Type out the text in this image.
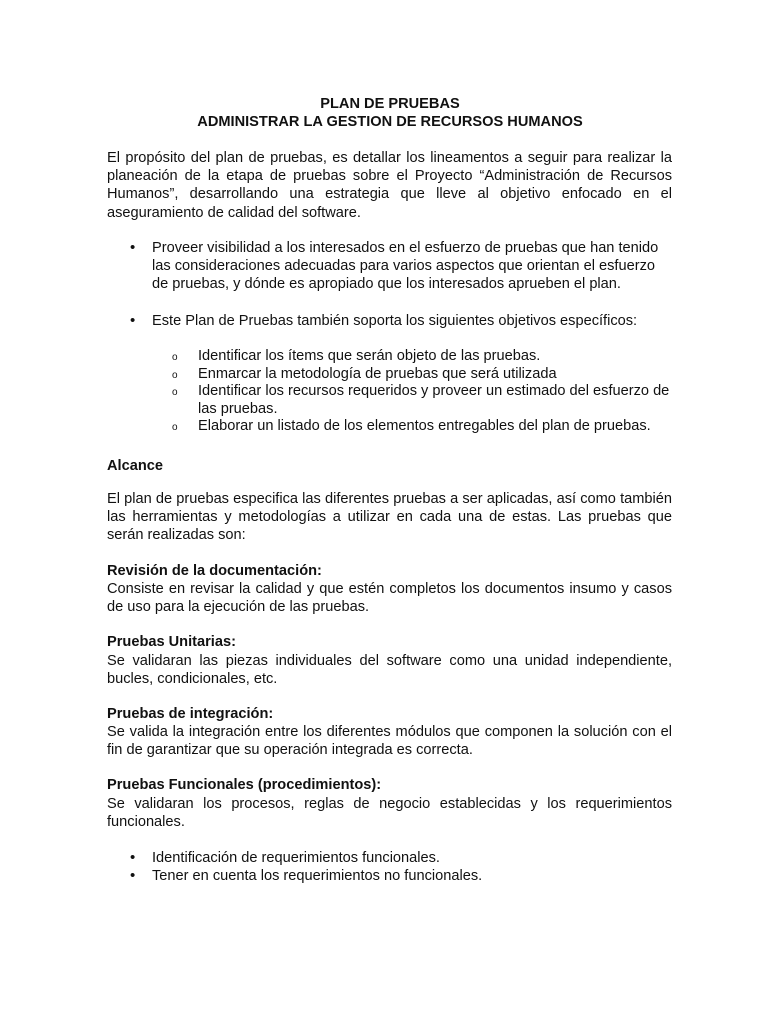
PLAN DE PRUEBAS
ADMINISTRAR LA GESTION DE RECURSOS HUMANOS
El propósito del plan de pruebas, es detallar los lineamentos a seguir para realizar la planeación de la etapa de pruebas sobre el Proyecto “Administración de Recursos Humanos”, desarrollando una estrategia que lleve al objetivo enfocado en el aseguramiento de calidad del software.
• Proveer visibilidad a los interesados en el esfuerzo de pruebas que han tenido las consideraciones adecuadas para varios aspectos que orientan el esfuerzo de pruebas, y dónde es apropiado que los interesados aprueben el plan.
• Este Plan de Pruebas también soporta los siguientes objetivos específicos:
o Identificar los ítems que serán objeto de las pruebas.
o Enmarcar la metodología de pruebas que será utilizada
o Identificar los recursos requeridos y proveer un estimado del esfuerzo de las pruebas.
o Elaborar un listado de los elementos entregables del plan de pruebas.
Alcance
El plan de pruebas especifica las diferentes pruebas a ser aplicadas, así como también las herramientas y metodologías a utilizar en cada una de estas. Las pruebas que serán realizadas son:
Revisión de la documentación:
Consiste en revisar la calidad y que estén completos los documentos insumo y casos de uso para la ejecución de las pruebas.
Pruebas Unitarias:
Se validaran las piezas individuales del software como una unidad independiente, bucles, condicionales, etc.
Pruebas de integración:
Se valida la integración entre los diferentes módulos que componen la solución con el fin de garantizar que su operación integrada es correcta.
Pruebas Funcionales (procedimientos):
Se validaran los procesos, reglas de negocio establecidas y los requerimientos funcionales.
• Identificación de requerimientos funcionales.
• Tener en cuenta los requerimientos no funcionales.
